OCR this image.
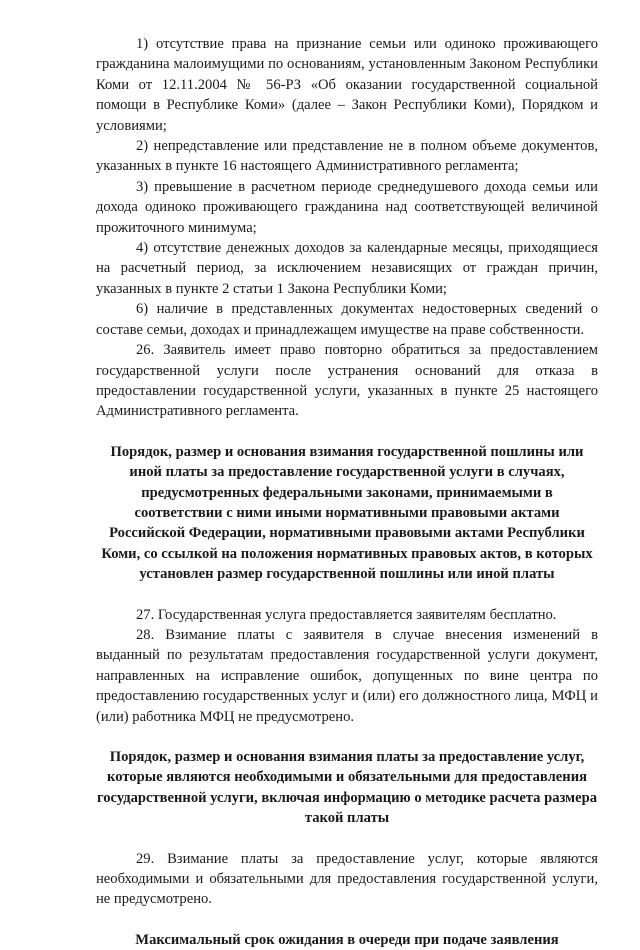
1) отсутствие права на признание семьи или одиноко проживающего гражданина малоимущими по основаниям, установленным Законом Республики Коми от 12.11.2004 № 56-РЗ «Об оказании государственной социальной помощи в Республике Коми» (далее – Закон Республики Коми), Порядком и условиями;

2) непредставление или представление не в полном объеме документов, указанных в пункте 16 настоящего Административного регламента;

3) превышение в расчетном периоде среднедушевого дохода семьи или дохода одиноко проживающего гражданина над соответствующей величиной прожиточного минимума;

4) отсутствие денежных доходов за календарные месяцы, приходящиеся на расчетный период, за исключением независящих от граждан причин, указанных в пункте 2 статьи 1 Закона Республики Коми;

6) наличие в представленных документах недостоверных сведений о составе семьи, доходах и принадлежащем имуществе на праве собственности.

26. Заявитель имеет право повторно обратиться за предоставлением государственной услуги после устранения оснований для отказа в предоставлении государственной услуги, указанных в пункте 25 настоящего Административного регламента.

Порядок, размер и основания взимания государственной пошлины или иной платы за предоставление государственной услуги в случаях, предусмотренных федеральными законами, принимаемыми в соответствии с ними иными нормативными правовыми актами Российской Федерации, нормативными правовыми актами Республики Коми, со ссылкой на положения нормативных правовых актов, в которых установлен размер государственной пошлины или иной платы

27. Государственная услуга предоставляется заявителям бесплатно.

28. Взимание платы с заявителя в случае внесения изменений в выданный по результатам предоставления государственной услуги документ, направленных на исправление ошибок, допущенных по вине центра по предоставлению государственных услуг и (или) его должностного лица, МФЦ и (или) работника МФЦ не предусмотрено.

Порядок, размер и основания взимания платы за предоставление услуг, которые являются необходимыми и обязательными для предоставления государственной услуги, включая информацию о методике расчета размера такой платы

29. Взимание платы за предоставление услуг, которые являются необходимыми и обязательными для предоставления государственной услуги, не предусмотрено.

Максимальный срок ожидания в очереди при подаче заявления
